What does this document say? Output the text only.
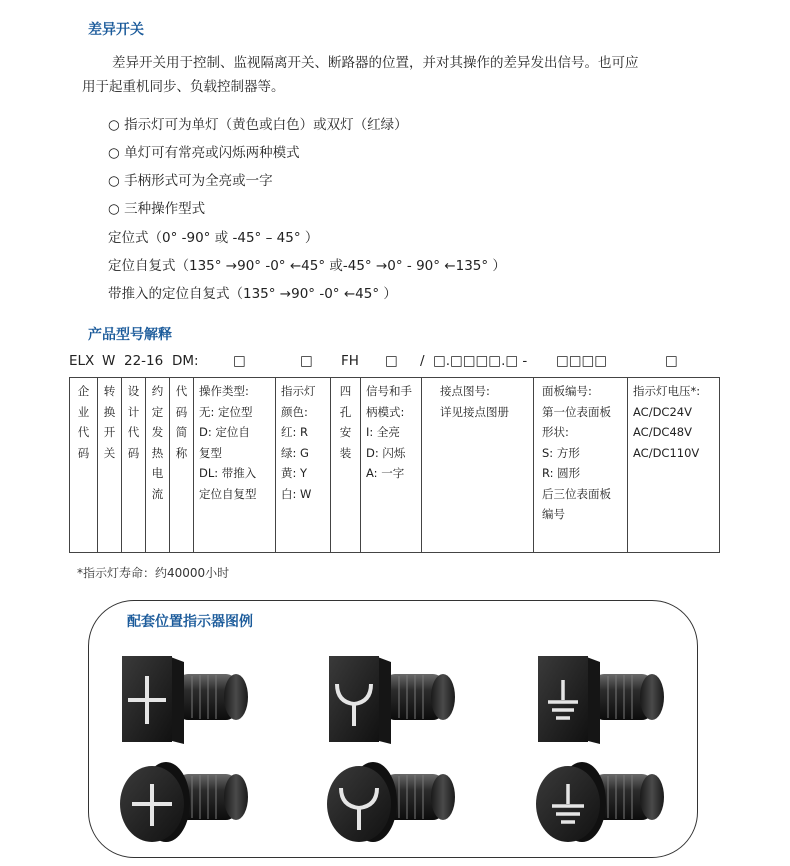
差异开关
差异开关用于控制、监视隔离开关、断路器的位置，并对其操作的差异发出信号。也可应
用于起重机同步、负载控制器等。
○ 指示灯可为单灯（黄色或白色）或双灯（红绿）
○ 单灯可有常亮或闪烁两种模式
○ 手柄形式可为全亮或一字
○ 三种操作型式
定位式（0° -90° 或 -45° – 45° ）
定位自复式（135° →90° -0° ←45° 或-45° →0° - 90° ←135° ）
带推入的定位自复式（135° →90° -0° ←45° ）
产品型号解释
ELX W 22-16 DM:	□	□ FH □ / □.□□□□.□ - □□□□	□
企
业
代
码

转
换
开
关

设
计
代
码

约
定
发
热
电
流

代
码
简
称

操作类型:
无: 定位型
D: 定位自
复型
DL: 带推入
定位自复型

指示灯
颜色:
红: R
绿: G
黄: Y
白: W

四
孔
安
装

信号和手
柄模式:
I: 全亮
D: 闪烁
A: 一字

接点图号:
详见接点图册

面板编号:
第一位表面板
形状:
S: 方形
R: 圆形
后三位表面板
编号

指示灯电压*:
AC/DC24V
AC/DC48V
AC/DC110V
*指示灯寿命：约40000小时
配套位置指示器图例
